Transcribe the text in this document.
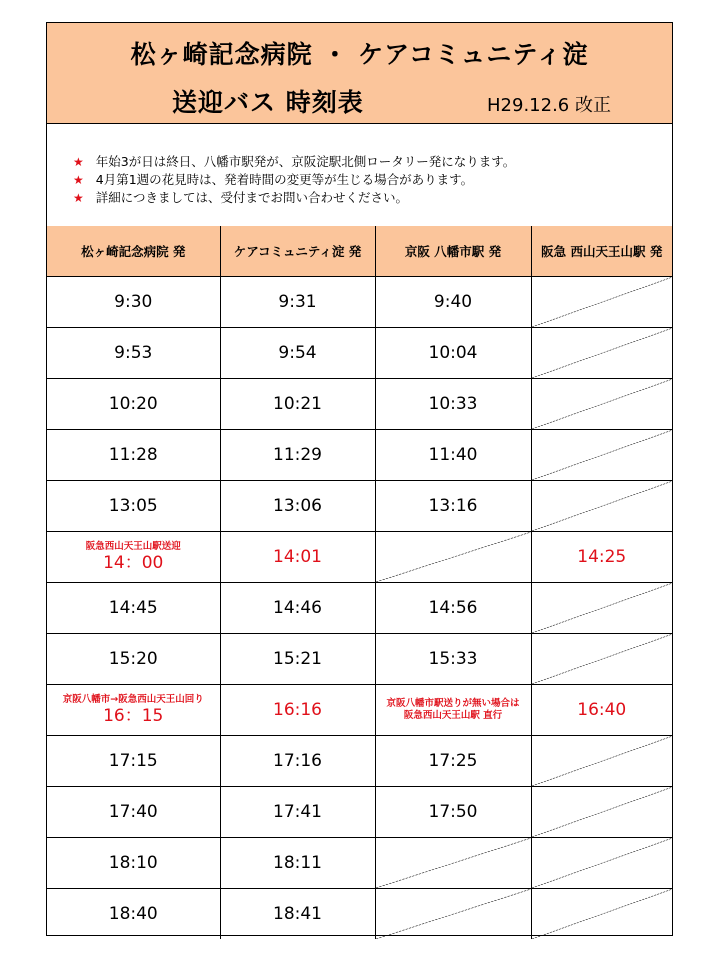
松ヶ崎記念病院 ・ ケアコミュニティ淀
送迎バス 時刻表	H29.12.6 改正
★ 年始3が日は終日、八幡市駅発が、京阪淀駅北側ロータリー発になります。
★ 4月第1週の花見時は、発着時間の変更等が生じる場合があります。
★ 詳細につきましては、受付までお問い合わせください。
松ヶ崎記念病院 発	ケアコミュニティ淀 発	京阪 八幡市駅 発	阪急 西山天王山駅 発
9:30	9:31	9:40	

9:53	9:54	10:04	

10:20	10:21	10:33	

11:28	11:29	11:40	

13:05	13:06	13:16	

阪急西山天王山駅送迎
14：00	14:01		14:25
14:45	14:46	14:56	

15:20	15:21	15:33	

京阪八幡市→阪急西山天王山回り
16：15	16:16	京阪八幡市駅送りが無い場合は
阪急西山天王山駅 直行	16:40
17:15	17:16	17:25	

17:40	17:41	17:50	

18:10	18:11	

18:40	18:41	
